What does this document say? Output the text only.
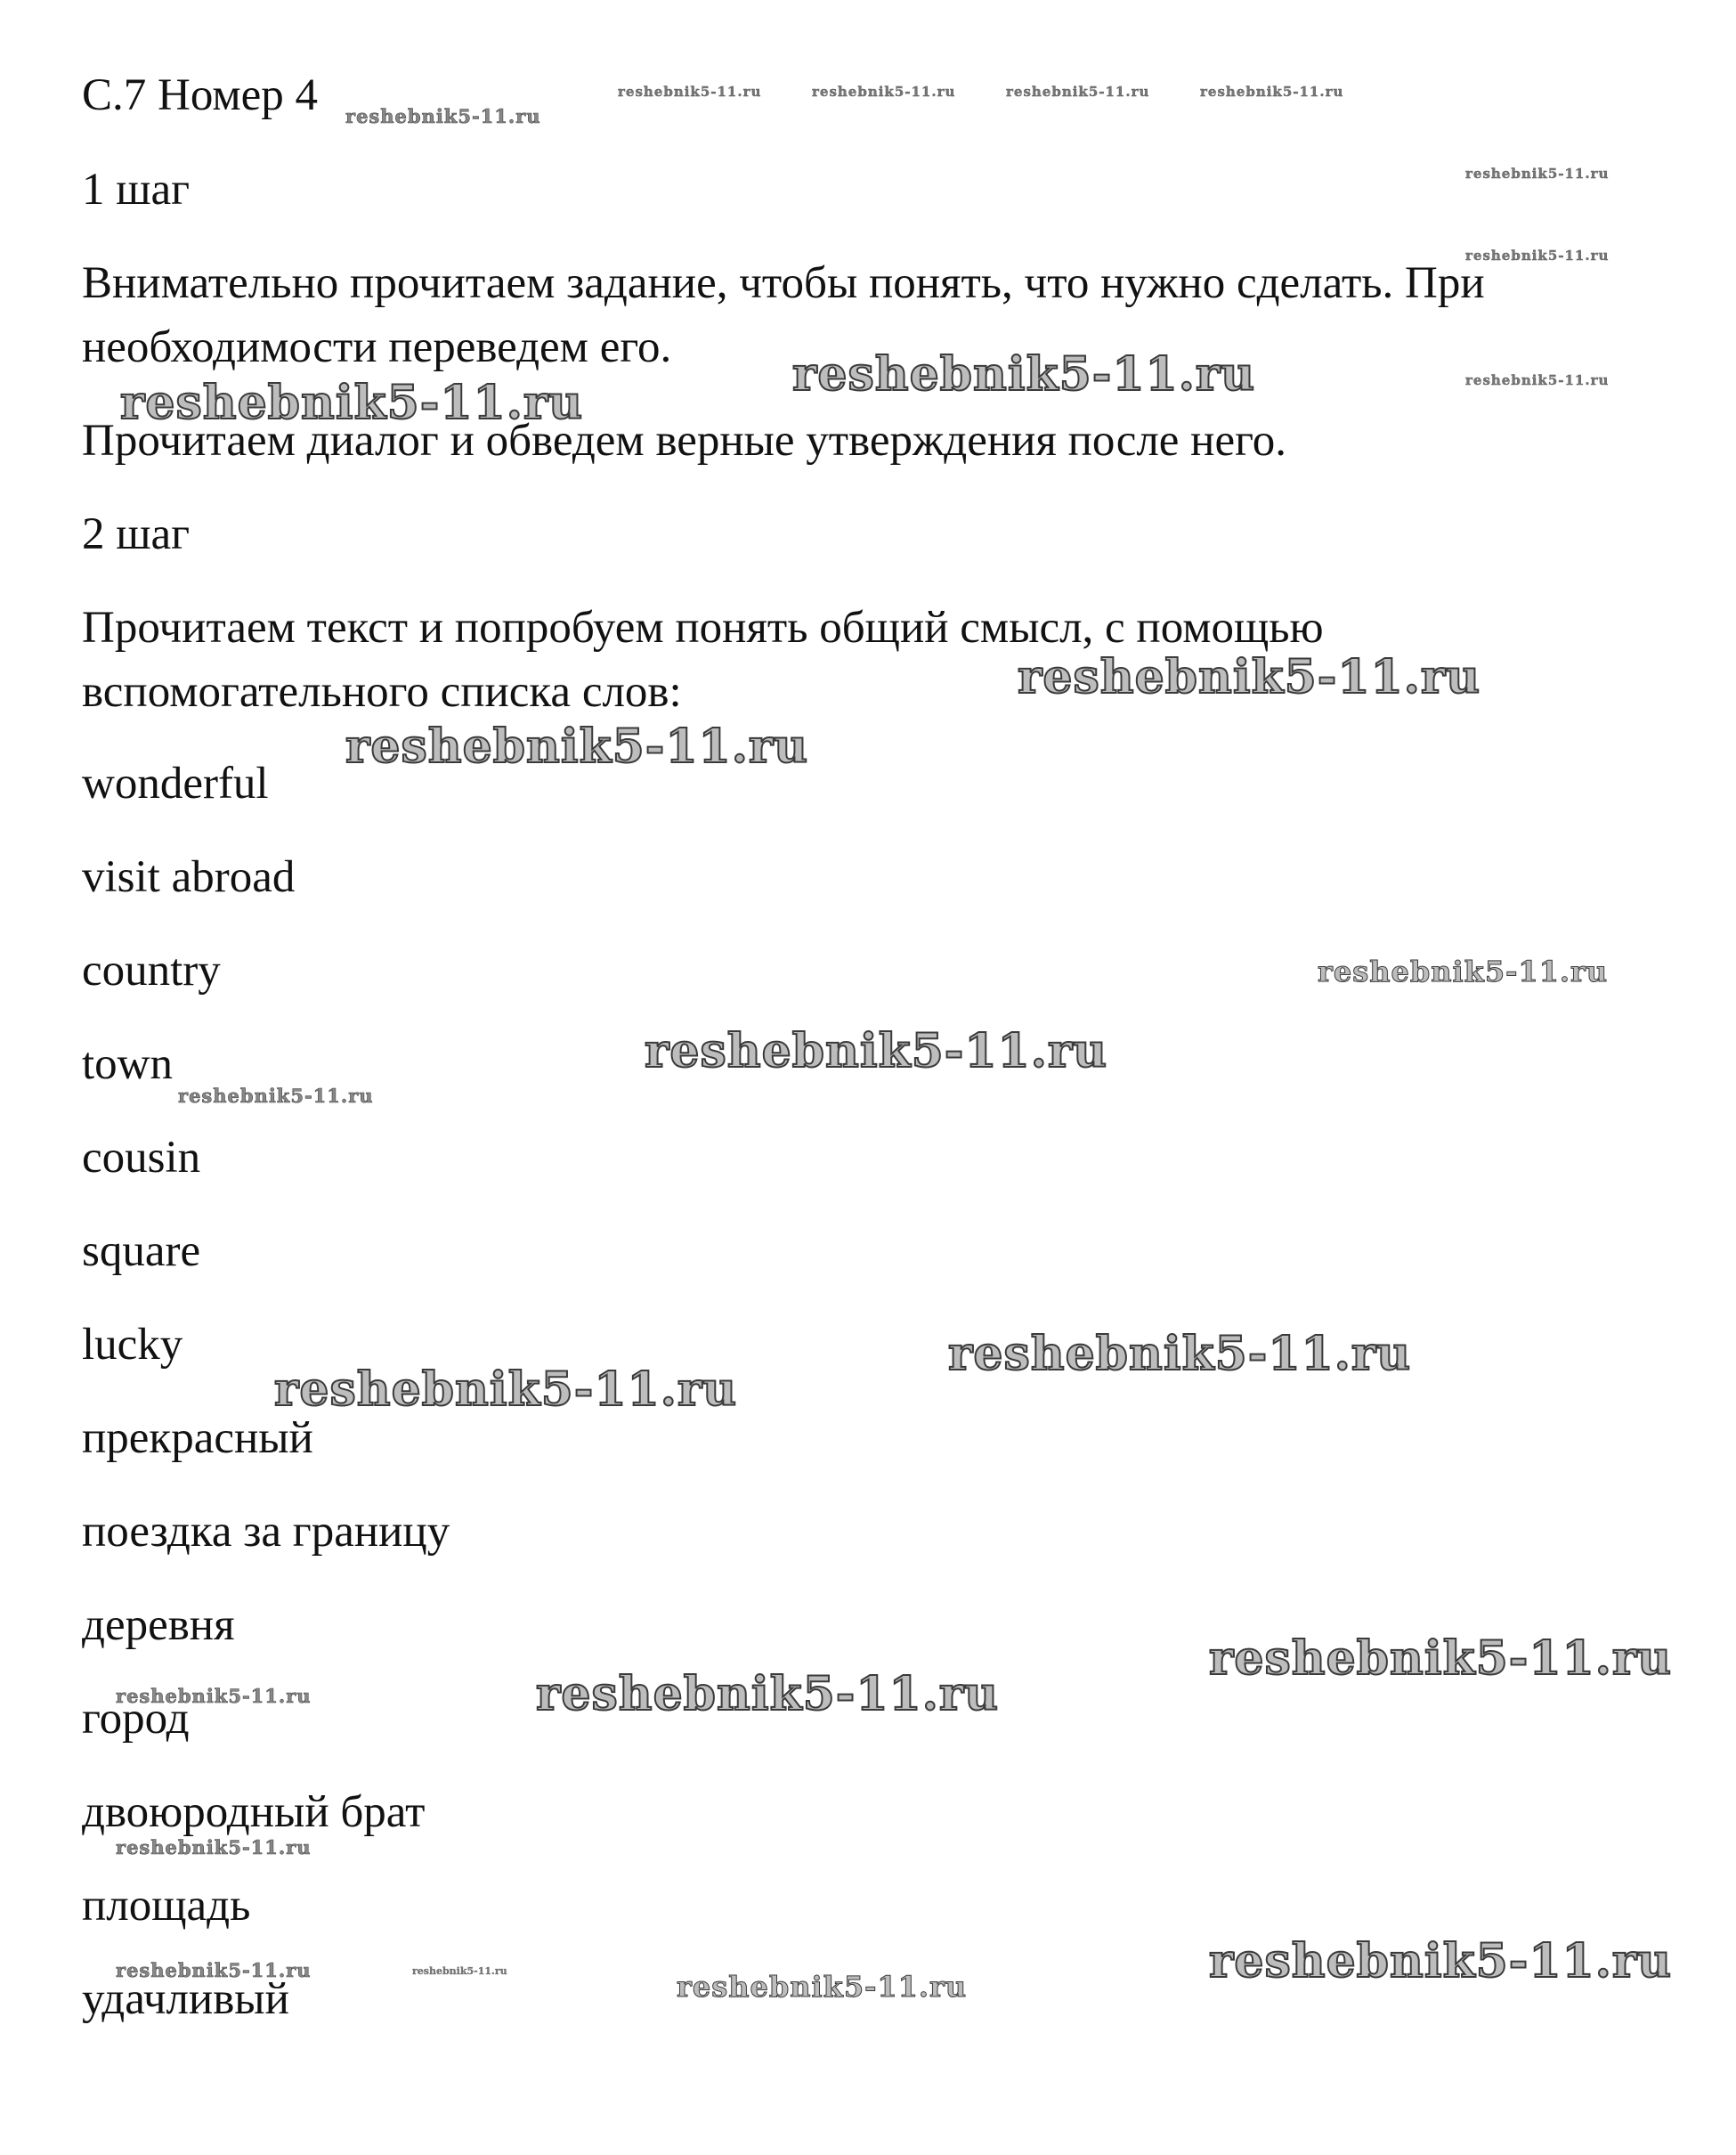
С.7 Номер 4

1 шаг

Внимательно прочитаем задание, чтобы понять, что нужно сделать. При

необходимости переведем его.

Прочитаем диалог и обведем верные утверждения после него.

2 шаг

Прочитаем текст и попробуем понять общий смысл, с помощью

вспомогательного списка слов:

wonderful

visit abroad

country

town

cousin

square

lucky

прекрасный

поездка за границу

деревня

город

двоюродный брат

площадь

удачливый

reshebnik5-11.ru
reshebnik5-11.ru	reshebnik5-11.ru	reshebnik5-11.ru	reshebnik5-11.ru
reshebnik5-11.ru
reshebnik5-11.ru
reshebnik5-11.ru
reshebnik5-11.ru
reshebnik5-11.ru
reshebnik5-11.ru
reshebnik5-11.ru
reshebnik5-11.ru
reshebnik5-11.ru
reshebnik5-11.ru
reshebnik5-11.ru
reshebnik5-11.ru
reshebnik5-11.ru
reshebnik5-11.ru
reshebnik5-11.ru
reshebnik5-11.ru
reshebnik5-11.ru
reshebnik5-11.ru	reshebnik5-11.ru	reshebnik5-11.ru
